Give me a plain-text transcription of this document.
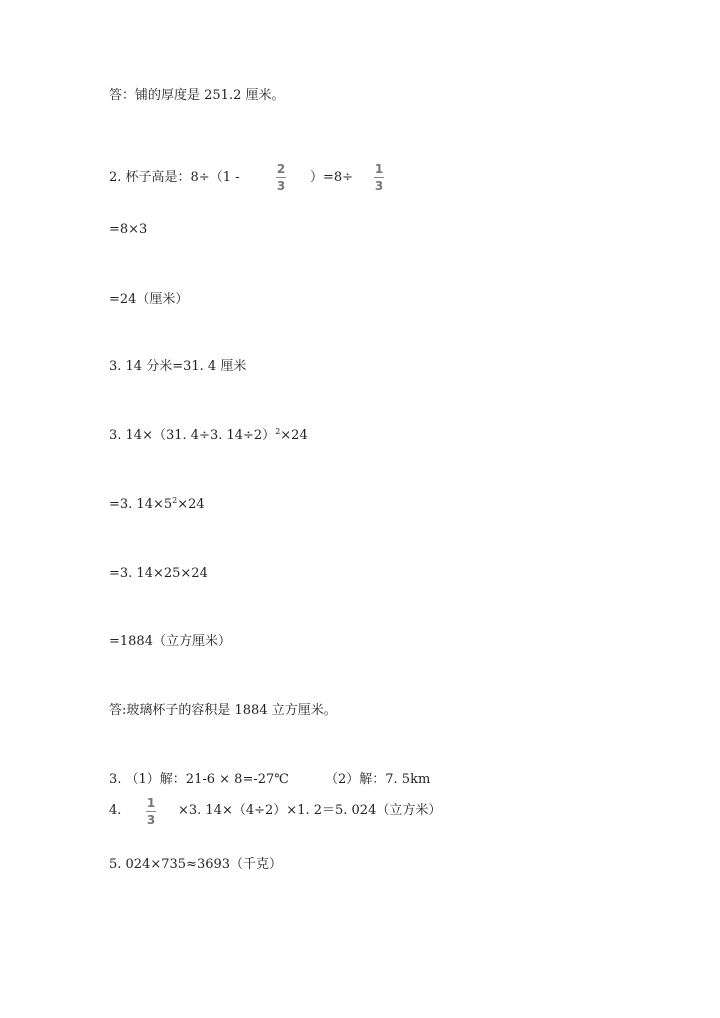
答：铺的厚度是 251.2 厘米。
2. 杯子高是：8÷（1 -
2
3
）=8÷
1
3
=8×3
=24（厘米）
3. 14 分米=31. 4 厘米
3. 14×（31. 4÷3. 14÷2）$^2$×24
=3. $14\times 5^2\times 24$
=3. 14×25×24
=1884（立方厘米）
答:玻璃杯子的容积是 1884 立方厘米。
3. （1）解：21-6 × 8=-27℃	（2）解：7. 5km
4. 1
3
×3. 14×（4÷2）×1. 2＝5. 024（立方米）
5. 024×735≈3693（千克）
